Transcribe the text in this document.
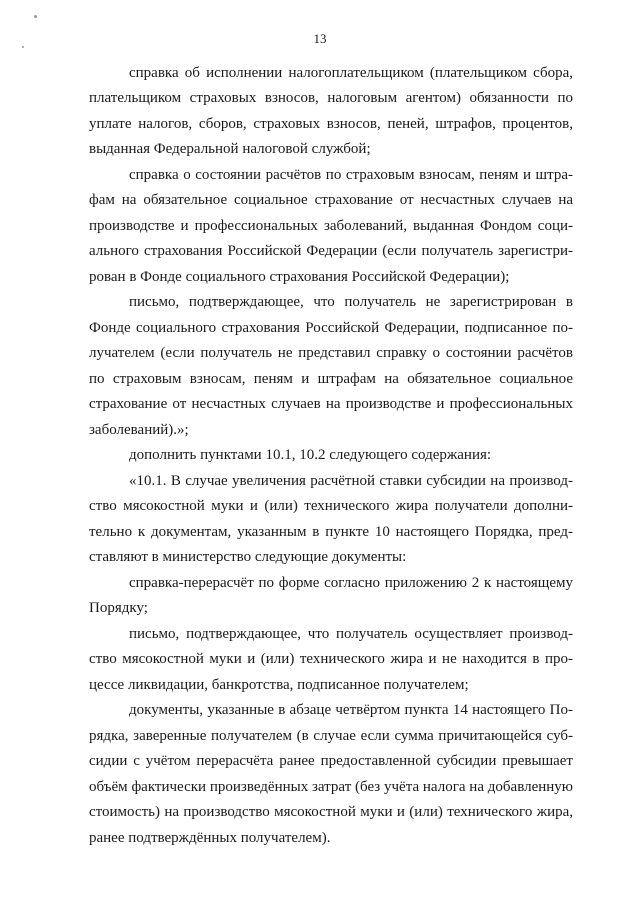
13
справка об исполнении налогоплательщиком (плательщиком сбора,
плательщиком страховых взносов, налоговым агентом) обязанности по
уплате налогов, сборов, страховых взносов, пеней, штрафов, процентов,
выданная Федеральной налоговой службой;
справка о состоянии расчётов по страховым взносам, пеням и штра-
фам на обязательное социальное страхование от несчастных случаев на
производстве и профессиональных заболеваний, выданная Фондом соци-
ального страхования Российской Федерации (если получатель зарегистри-
рован в Фонде социального страхования Российской Федерации);
письмо, подтверждающее, что получатель не зарегистрирован в
Фонде социального страхования Российской Федерации, подписанное по-
лучателем (если получатель не представил справку о состоянии расчётов
по страховым взносам, пеням и штрафам на обязательное социальное
страхование от несчастных случаев на производстве и профессиональных
заболеваний).»;
дополнить пунктами 10.1, 10.2 следующего содержания:
«10.1. В случае увеличения расчётной ставки субсидии на производ-
ство мясокостной муки и (или) технического жира получатели дополни-
тельно к документам, указанным в пункте 10 настоящего Порядка, пред-
ставляют в министерство следующие документы:
справка-перерасчёт по форме согласно приложению 2 к настоящему
Порядку;
письмо, подтверждающее, что получатель осуществляет производ-
ство мясокостной муки и (или) технического жира и не находится в про-
цессе ликвидации, банкротства, подписанное получателем;
документы, указанные в абзаце четвёртом пункта 14 настоящего По-
рядка, заверенные получателем (в случае если сумма причитающейся суб-
сидии с учётом перерасчёта ранее предоставленной субсидии превышает
объём фактически произведённых затрат (без учёта налога на добавленную
стоимость) на производство мясокостной муки и (или) технического жира,
ранее подтверждённых получателем).
